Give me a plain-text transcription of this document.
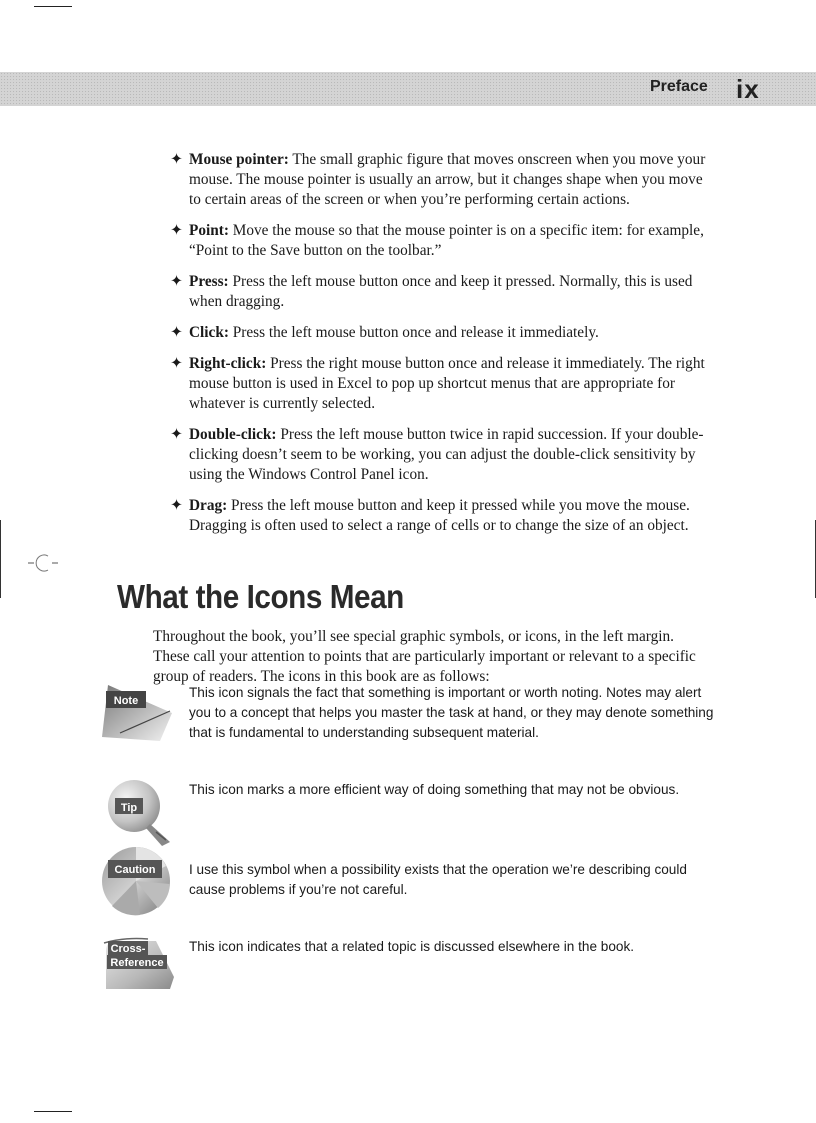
Preface ix
✦ Mouse pointer: The small graphic figure that moves onscreen when you move your mouse. The mouse pointer is usually an arrow, but it changes shape when you move to certain areas of the screen or when you’re performing certain actions.
✦ Point: Move the mouse so that the mouse pointer is on a specific item: for example, “Point to the Save button on the toolbar.”
✦ Press: Press the left mouse button once and keep it pressed. Normally, this is used when dragging.
✦ Click: Press the left mouse button once and release it immediately.
✦ Right-click: Press the right mouse button once and release it immediately. The right mouse button is used in Excel to pop up shortcut menus that are appropriate for whatever is currently selected.
✦ Double-click: Press the left mouse button twice in rapid succession. If your double-clicking doesn’t seem to be working, you can adjust the double-click sensitivity by using the Windows Control Panel icon.
✦ Drag: Press the left mouse button and keep it pressed while you move the mouse. Dragging is often used to select a range of cells or to change the size of an object.
What the Icons Mean
Throughout the book, you’ll see special graphic symbols, or icons, in the left margin. These call your attention to points that are particularly important or relevant to a specific group of readers. The icons in this book are as follows:
Note
This icon signals the fact that something is important or worth noting. Notes may alert you to a concept that helps you master the task at hand, or they may denote something that is fundamental to understanding subsequent material.
Tip
This icon marks a more efficient way of doing something that may not be obvious.
Caution I use this symbol when a possibility exists that the operation we’re describing could cause problems if you’re not careful.
Cross-
Reference
This icon indicates that a related topic is discussed elsewhere in the book.
